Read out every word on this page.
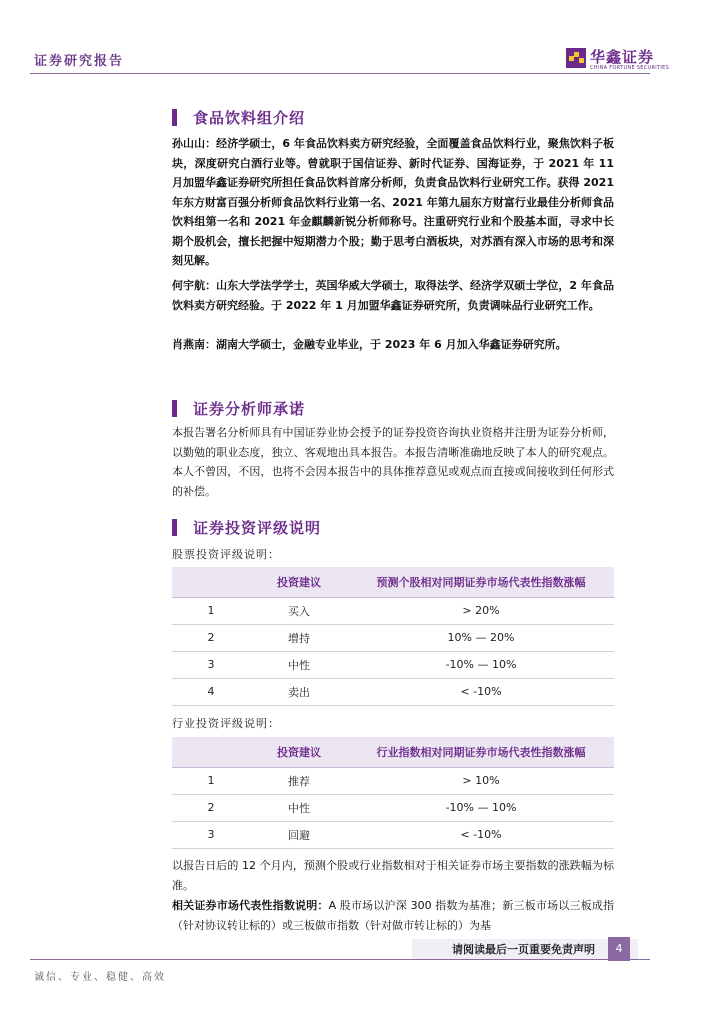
证券研究报告	华鑫证券
CHINA FORTUNE SECURITIES
食品饮料组介绍
孙山山：经济学硕士，6 年食品饮料卖方研究经验，全面覆盖食品饮料行业，聚焦饮料子板块，深度研究白酒行业等。曾就职于国信证券、新时代证券、国海证券，于 2021 年 11 月加盟华鑫证券研究所担任食品饮料首席分析师，负责食品饮料行业研究工作。获得 2021 年东方财富百强分析师食品饮料行业第一名、2021 年第九届东方财富行业最佳分析师食品饮料组第一名和 2021 年金麒麟新锐分析师称号。注重研究行业和个股基本面，寻求中长期个股机会，擅长把握中短期潜力个股；勤于思考白酒板块，对苏酒有深入市场的思考和深刻见解。
何宇航：山东大学法学学士，英国华威大学硕士，取得法学、经济学双硕士学位，2 年食品饮料卖方研究经验。于 2022 年 1 月加盟华鑫证券研究所，负责调味品行业研究工作。
肖燕南：湖南大学硕士，金融专业毕业，于 2023 年 6 月加入华鑫证券研究所。
证券分析师承诺
本报告署名分析师具有中国证券业协会授予的证券投资咨询执业资格并注册为证券分析师，以勤勉的职业态度，独立、客观地出具本报告。本报告清晰准确地反映了本人的研究观点。本人不曾因，不因，也将不会因本报告中的具体推荐意见或观点而直接或间接收到任何形式的补偿。
证券投资评级说明
股票投资评级说明：
	投资建议	预测个股相对同期证券市场代表性指数涨幅
1	买入	> 20%
2	增持	10% — 20%
3	中性	-10% — 10%
4	卖出	< -10%
行业投资评级说明：
	投资建议	行业指数相对同期证券市场代表性指数涨幅
1	推荐	> 10%
2	中性	-10% — 10%
3	回避	< -10%
以报告日后的 12 个月内，预测个股或行业指数相对于相关证券市场主要指数的涨跌幅为标准。
相关证券市场代表性指数说明：A 股市场以沪深 300 指数为基准；新三板市场以三板成指（针对协议转让标的）或三板做市指数（针对做市转让标的）为基
请阅读最后一页重要免责声明	4
诚信、专业、稳健、高效
